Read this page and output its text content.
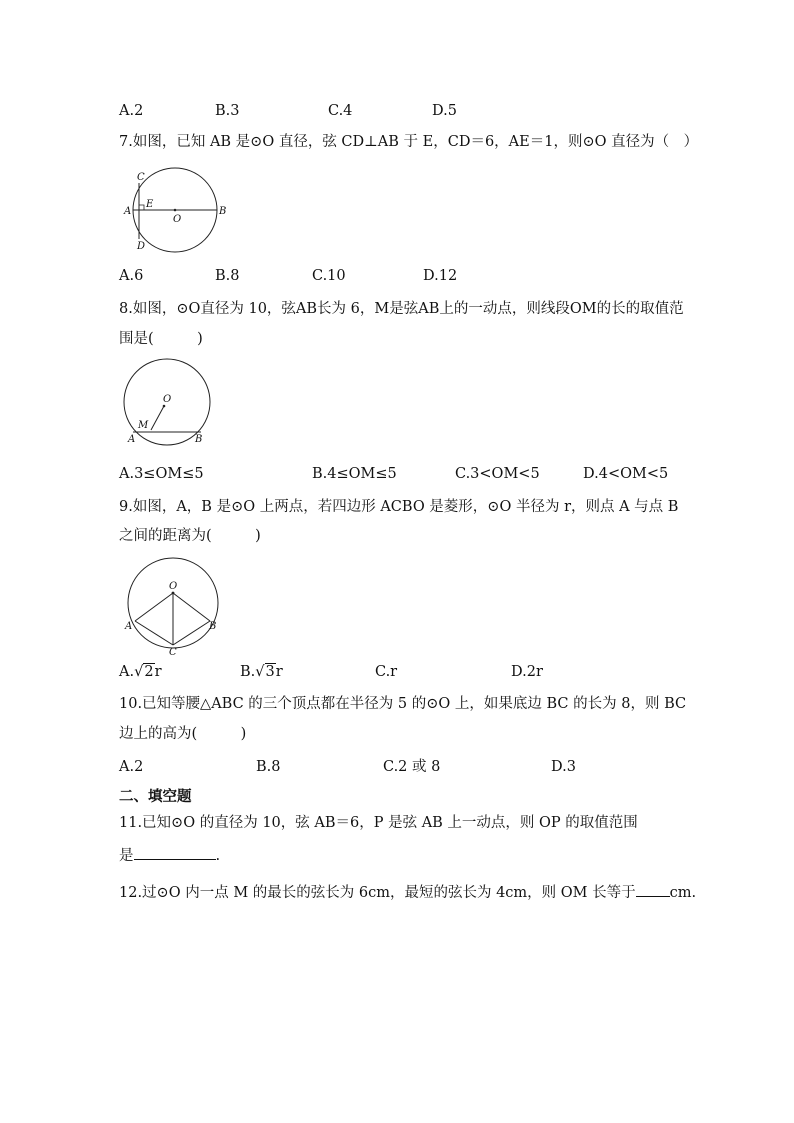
A.2	B.3	C.4	D.5
7.如图，已知 AB 是⊙O 直径，弦 CD⊥AB 于 E，CD＝6，AE＝1，则⊙O 直径为（　）
A	B
C
D
E
O
A.6	B.8	C.10	D.12
8.如图，⊙O直径为 10，弦AB长为 6，M是弦AB上的一动点，则线段OM的长的取值范
围是(　　　)
O
M
A	B
A.3≤OM≤5	B.4≤OM≤5	C.3<OM<5	D.4<OM<5
9.如图，A，B 是⊙O 上两点，若四边形 ACBO 是菱形，⊙O 半径为 r，则点 A 与点 B
之间的距离为(　　　)
O
A	B
C
A.√2r	B.√3r	C.r	D.2r
10.已知等腰△ABC 的三个顶点都在半径为 5 的⊙O 上，如果底边 BC 的长为 8，则 BC
边上的高为(　　　)
A.2	B.8	C.2 或 8	D.3
二、填空题
11.已知⊙O 的直径为 10，弦 AB＝6，P 是弦 AB 上一动点，则 OP 的取值范围
是	.
12.过⊙O 内一点 M 的最长的弦长为 6cm，最短的弦长为 4cm，则 OM 长等于 cm.
